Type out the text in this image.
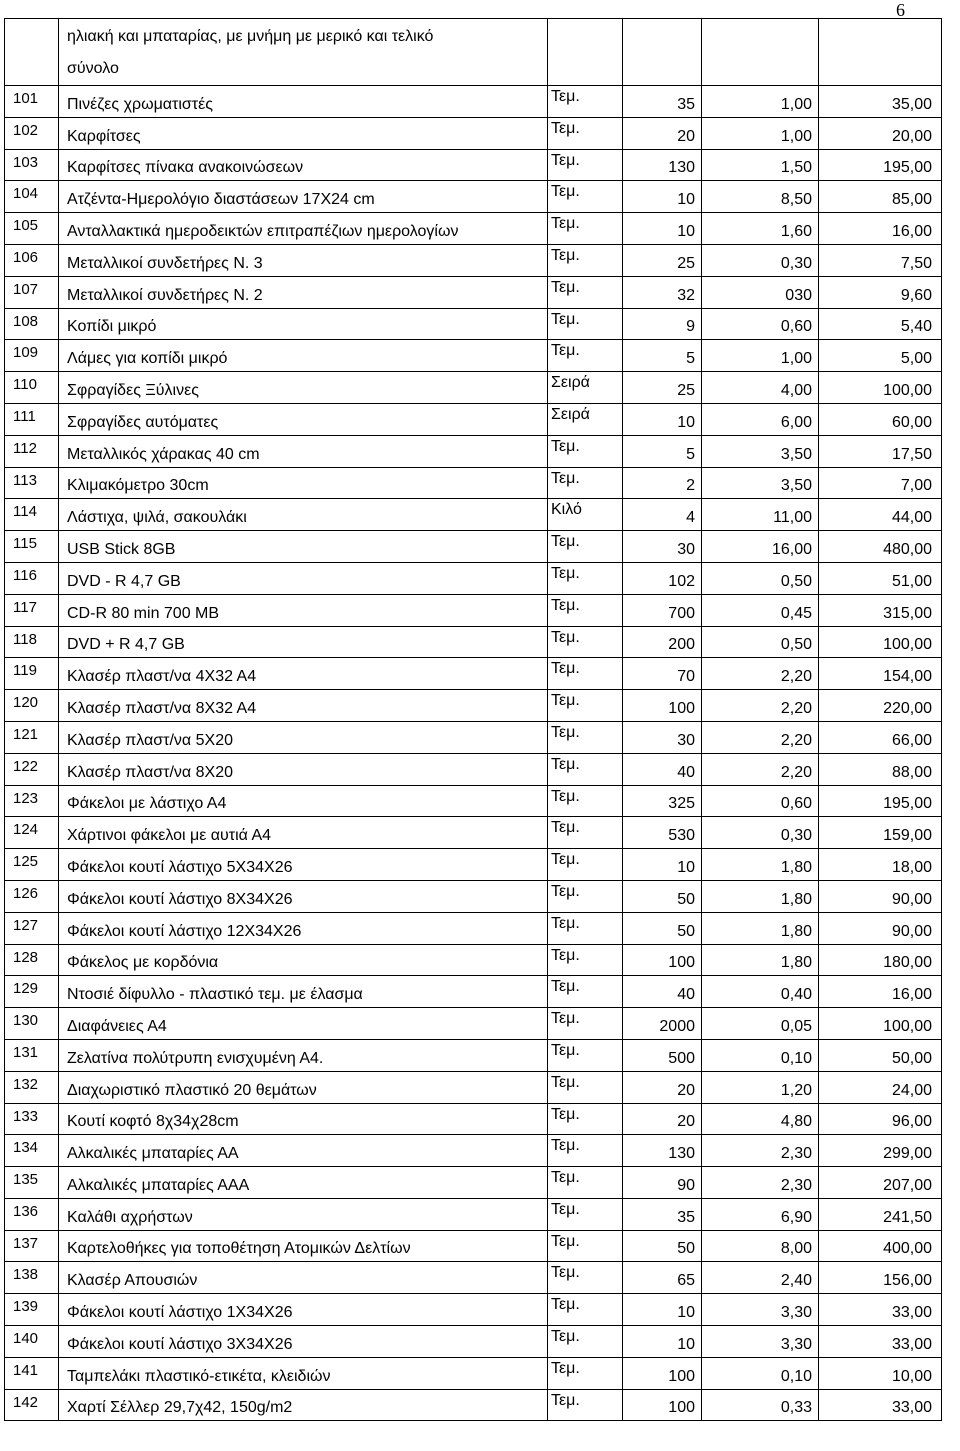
6

	ηλιακή και μπαταρίας, με μνήμη με μερικό και τελικό
σύνολο				

101	Πινέζες χρωματιστές	Τεμ.	35	1,00	35,00
102	Καρφίτσες	Τεμ.	20	1,00	20,00
103	Καρφίτσες πίνακα ανακοινώσεων	Τεμ.	130	1,50	195,00
104	Ατζέντα-Ημερολόγιο διαστάσεων 17Χ24 cm	Τεμ.	10	8,50	85,00
105	Ανταλλακτικά ημεροδεικτών επιτραπέζιων ημερολογίων	Τεμ.	10	1,60	16,00
106	Μεταλλικοί συνδετήρες Ν. 3	Τεμ.	25	0,30	7,50
107	Μεταλλικοί συνδετήρες Ν. 2	Τεμ.	32	030	9,60
108	Κοπίδι μικρό	Τεμ.	9	0,60	5,40
109	Λάμες για κοπίδι μικρό	Τεμ.	5	1,00	5,00
110	Σφραγίδες Ξύλινες	Σειρά	25	4,00	100,00
111	Σφραγίδες αυτόματες	Σειρά	10	6,00	60,00
112	Μεταλλικός χάρακας 40 cm	Τεμ.	5	3,50	17,50
113	Κλιμακόμετρο 30cm	Τεμ.	2	3,50	7,00
114	Λάστιχα, ψιλά, σακουλάκι	Κιλό	4	11,00	44,00
115	USB Stick 8GB	Τεμ.	30	16,00	480,00
116	DVD - R 4,7 GB	Τεμ.	102	0,50	51,00
117	CD-R 80 min 700 MB	Τεμ.	700	0,45	315,00
118	DVD + R 4,7 GB	Τεμ.	200	0,50	100,00
119	Κλασέρ πλαστ/να 4Χ32 Α4	Τεμ.	70	2,20	154,00
120	Κλασέρ πλαστ/να 8Χ32 Α4	Τεμ.	100	2,20	220,00
121	Κλασέρ πλαστ/να 5Χ20	Τεμ.	30	2,20	66,00
122	Κλασέρ πλαστ/να 8Χ20	Τεμ.	40	2,20	88,00
123	Φάκελοι με λάστιχο Α4	Τεμ.	325	0,60	195,00
124	Χάρτινοι φάκελοι με αυτιά Α4	Τεμ.	530	0,30	159,00
125	Φάκελοι κουτί λάστιχο 5Χ34Χ26	Τεμ.	10	1,80	18,00
126	Φάκελοι κουτί λάστιχο 8Χ34Χ26	Τεμ.	50	1,80	90,00
127	Φάκελοι κουτί λάστιχο 12Χ34Χ26	Τεμ.	50	1,80	90,00
128	Φάκελος με κορδόνια	Τεμ.	100	1,80	180,00
129	Ντοσιέ δίφυλλο - πλαστικό τεμ. με έλασμα	Τεμ.	40	0,40	16,00
130	Διαφάνειες Α4	Τεμ.	2000	0,05	100,00
131	Ζελατίνα πολύτρυπη ενισχυμένη Α4.	Τεμ.	500	0,10	50,00
132	Διαχωριστικό πλαστικό 20 θεμάτων	Τεμ.	20	1,20	24,00
133	Κουτί κοφτό 8χ34χ28cm	Τεμ.	20	4,80	96,00
134	Αλκαλικές μπαταρίες ΑΑ	Τεμ.	130	2,30	299,00
135	Αλκαλικές μπαταρίες ΑΑΑ	Τεμ.	90	2,30	207,00
136	Καλάθι αχρήστων	Τεμ.	35	6,90	241,50
137	Καρτελοθήκες για τοποθέτηση Ατομικών Δελτίων	Τεμ.	50	8,00	400,00
138	Κλασέρ Απουσιών	Τεμ.	65	2,40	156,00
139	Φάκελοι κουτί λάστιχο 1Χ34Χ26	Τεμ.	10	3,30	33,00
140	Φάκελοι κουτί λάστιχο 3Χ34Χ26	Τεμ.	10	3,30	33,00
141	Ταμπελάκι πλαστικό-ετικέτα, κλειδιών	Τεμ.	100	0,10	10,00
142	Χαρτί Σέλλερ 29,7χ42, 150g/m2	Τεμ.	100	0,33	33,00
